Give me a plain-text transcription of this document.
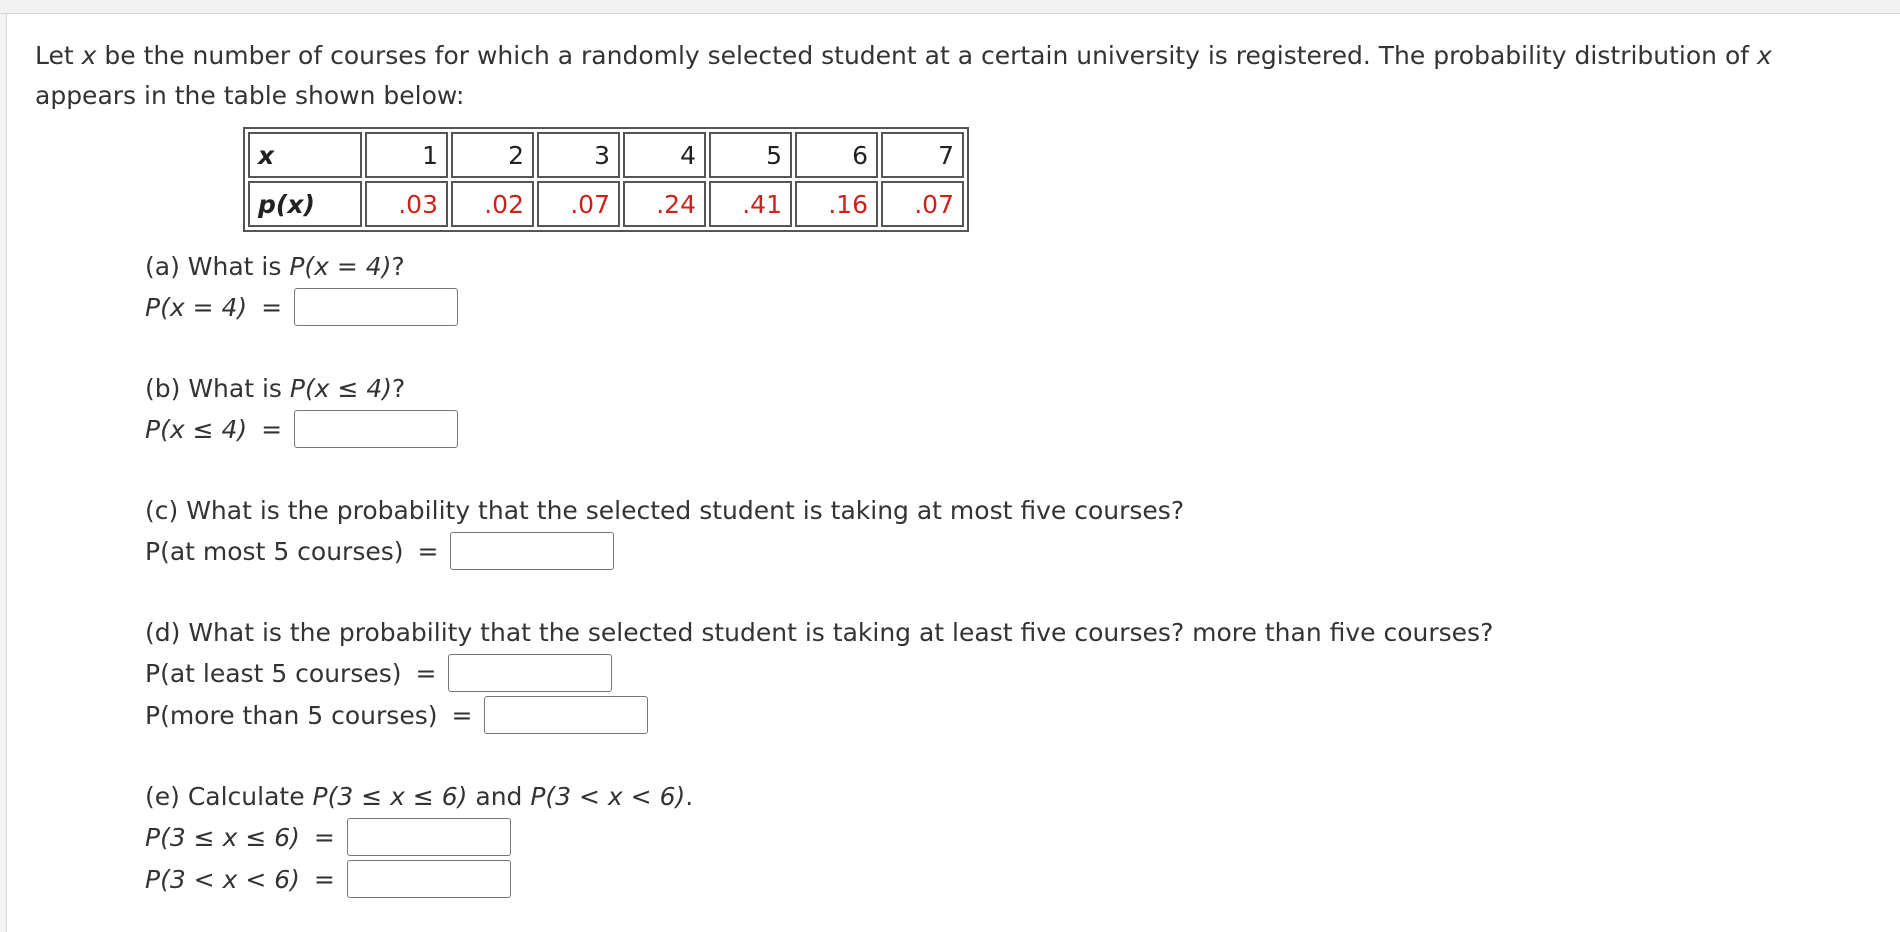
Let x be the number of courses for which a randomly selected student at a certain university is registered. The probability distribution of x appears in the table shown below:
x	1	2	3	4	5	6	7
p(x)	.03	.02	.07	.24	.41	.16	.07
(a) What is P(x = 4)?
P(x = 4) =
(b) What is P(x ≤ 4)?
P(x ≤ 4) =
(c) What is the probability that the selected student is taking at most five courses?
P(at most 5 courses) =
(d) What is the probability that the selected student is taking at least five courses? more than five courses?
P(at least 5 courses) =
P(more than 5 courses) =
(e) Calculate P(3 ≤ x ≤ 6) and P(3 < x < 6).
P(3 ≤ x ≤ 6) =
P(3 < x < 6) =
